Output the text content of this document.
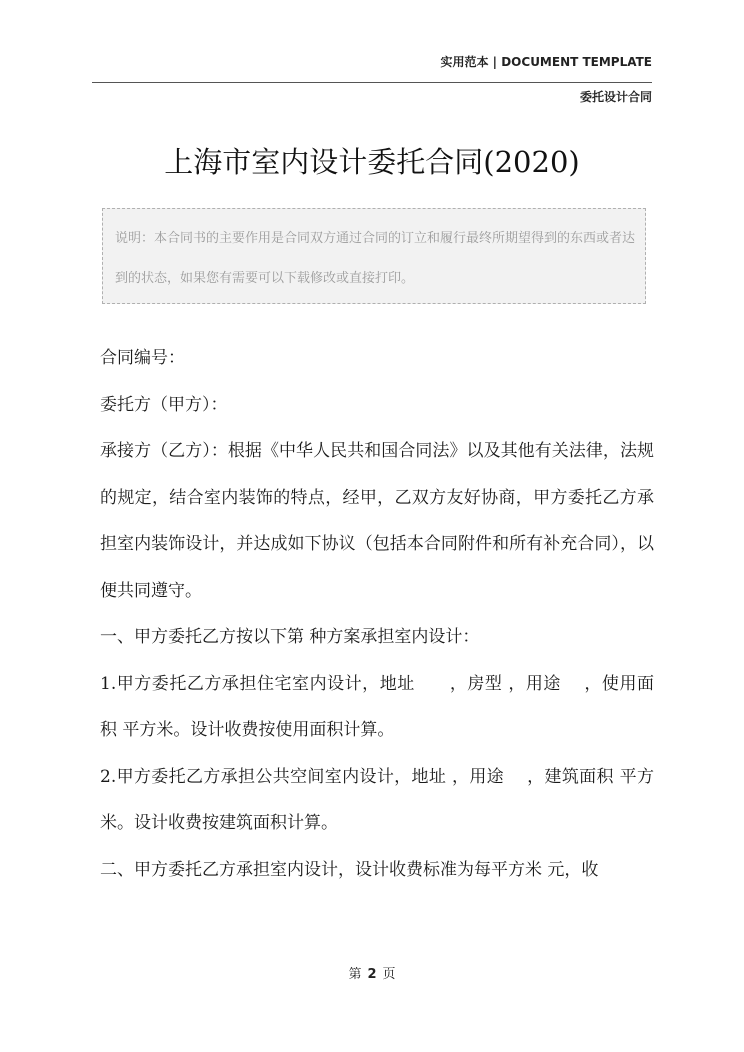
实用范本 | DOCUMENT TEMPLATE
委托设计合同
上海市室内设计委托合同(2020)
说明：本合同书的主要作用是合同双方通过合同的订立和履行最终所期望得到的东西或者达到的状态，如果您有需要可以下载修改或直接打印。

合同编号：

委托方（甲方）：

承接方（乙方）：根据《中华人民共和国合同法》以及其他有关法律，法规的规定，结合室内装饰的特点，经甲，乙双方友好协商，甲方委托乙方承担室内装饰设计，并达成如下协议（包括本合同附件和所有补充合同），以便共同遵守。

一、甲方委托乙方按以下第 种方案承担室内设计：

1.甲方委托乙方承担住宅室内设计，地址　　，房型 ，用途　 ，使用面积 平方米。设计收费按使用面积计算。

2.甲方委托乙方承担公共空间室内设计，地址 ，用途　 ，建筑面积 平方米。设计收费按建筑面积计算。

二、甲方委托乙方承担室内设计，设计收费标准为每平方米 元，收

第 2 页
